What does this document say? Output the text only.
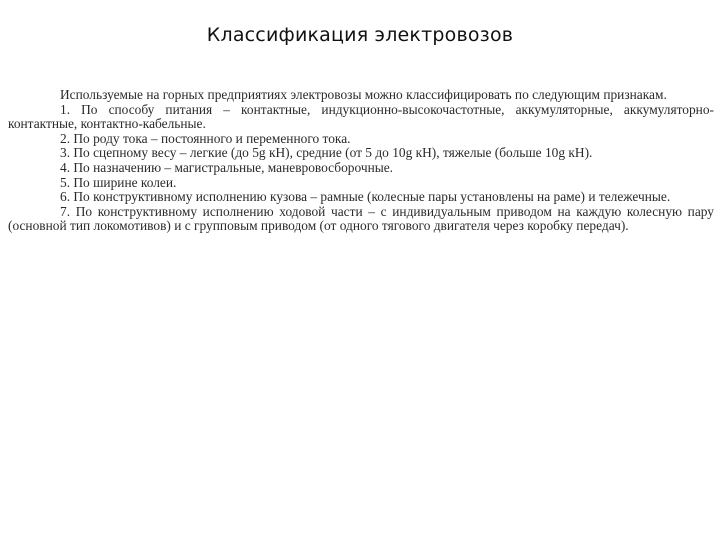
Классификация электровозов

Используемые на горных предприятиях электровозы можно классифицировать по следующим признакам.

1. По способу питания – контактные, индукционно-высокочастотные, аккумуляторные, аккумуляторно-контактные, контактно-кабельные.

2. По роду тока – постоянного и переменного тока.

3. По сцепному весу – легкие (до 5g кН), средние (от 5 до 10g кН), тяжелые (больше 10g кН).

4. По назначению – магистральные, маневровосборочные.

5. По ширине колеи.

6. По конструктивному исполнению кузова – рамные (колесные пары установлены на раме) и тележечные.

7. По конструктивному исполнению ходовой части – с индивидуальным приводом на каждую колесную пару (основной тип локомотивов) и с групповым приводом (от одного тягового двигателя через коробку передач).
